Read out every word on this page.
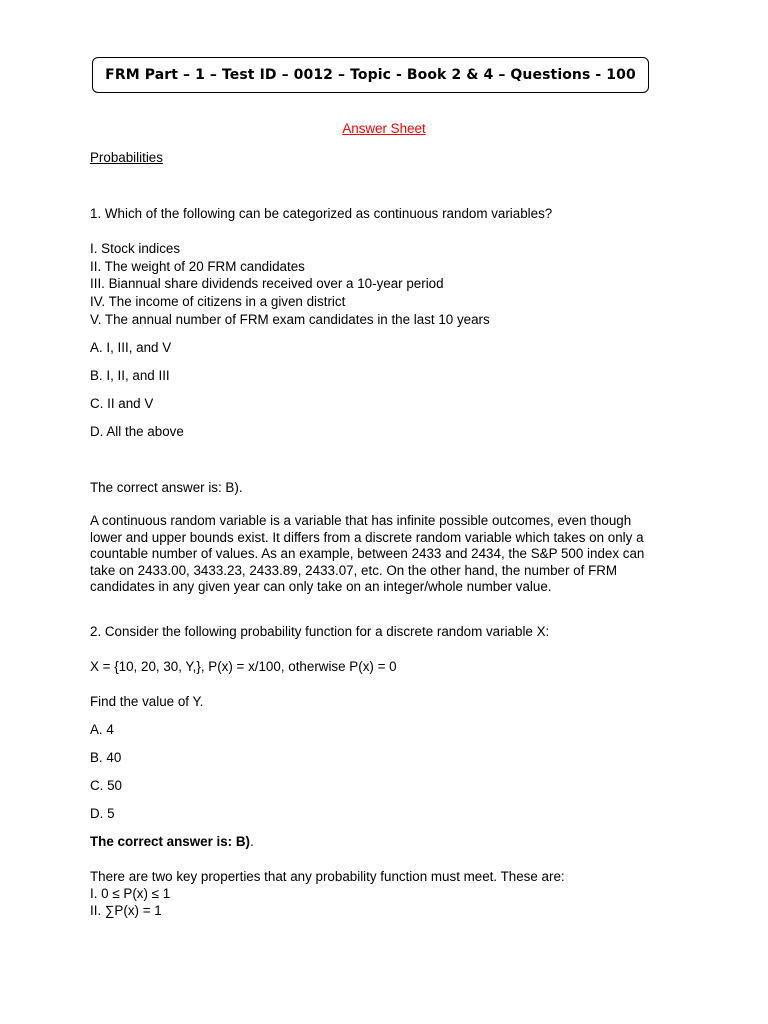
FRM Part – 1 – Test ID – 0012 – Topic - Book 2 & 4 – Questions - 100
Answer Sheet
Probabilities
1. Which of the following can be categorized as continuous random variables?
I. Stock indices
II. The weight of 20 FRM candidates
III. Biannual share dividends received over a 10-year period
IV. The income of citizens in a given district
V. The annual number of FRM exam candidates in the last 10 years
A. I, III, and V
B. I, II, and III
C. II and V
D. All the above
The correct answer is: B).
A continuous random variable is a variable that has infinite possible outcomes, even though
lower and upper bounds exist. It differs from a discrete random variable which takes on only a
countable number of values. As an example, between 2433 and 2434, the S&P 500 index can
take on 2433.00, 3433.23, 2433.89, 2433.07, etc. On the other hand, the number of FRM
candidates in any given year can only take on an integer/whole number value.
2. Consider the following probability function for a discrete random variable X:
X = {10, 20, 30, Y,}, P(x) = x/100, otherwise P(x) = 0
Find the value of Y.
A. 4
B. 40
C. 50
D. 5
The correct answer is: B).
There are two key properties that any probability function must meet. These are:
I. 0 ≤ P(x) ≤ 1
II. ∑P(x) = 1
